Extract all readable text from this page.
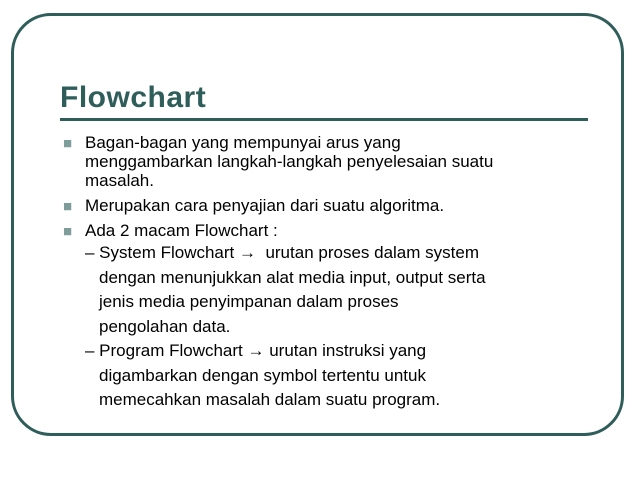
Flowchart
■ Bagan-bagan yang mempunyai arus yang
menggambarkan langkah-langkah penyelesaian suatu
masalah.
■ Merupakan cara penyajian dari suatu algoritma.
■ Ada 2 macam Flowchart :
– System Flowchart →  urutan proses dalam system
dengan menunjukkan alat media input, output serta
jenis media penyimpanan dalam proses
pengolahan data.
– Program Flowchart → urutan instruksi yang
digambarkan dengan symbol tertentu untuk
memecahkan masalah dalam suatu program.
